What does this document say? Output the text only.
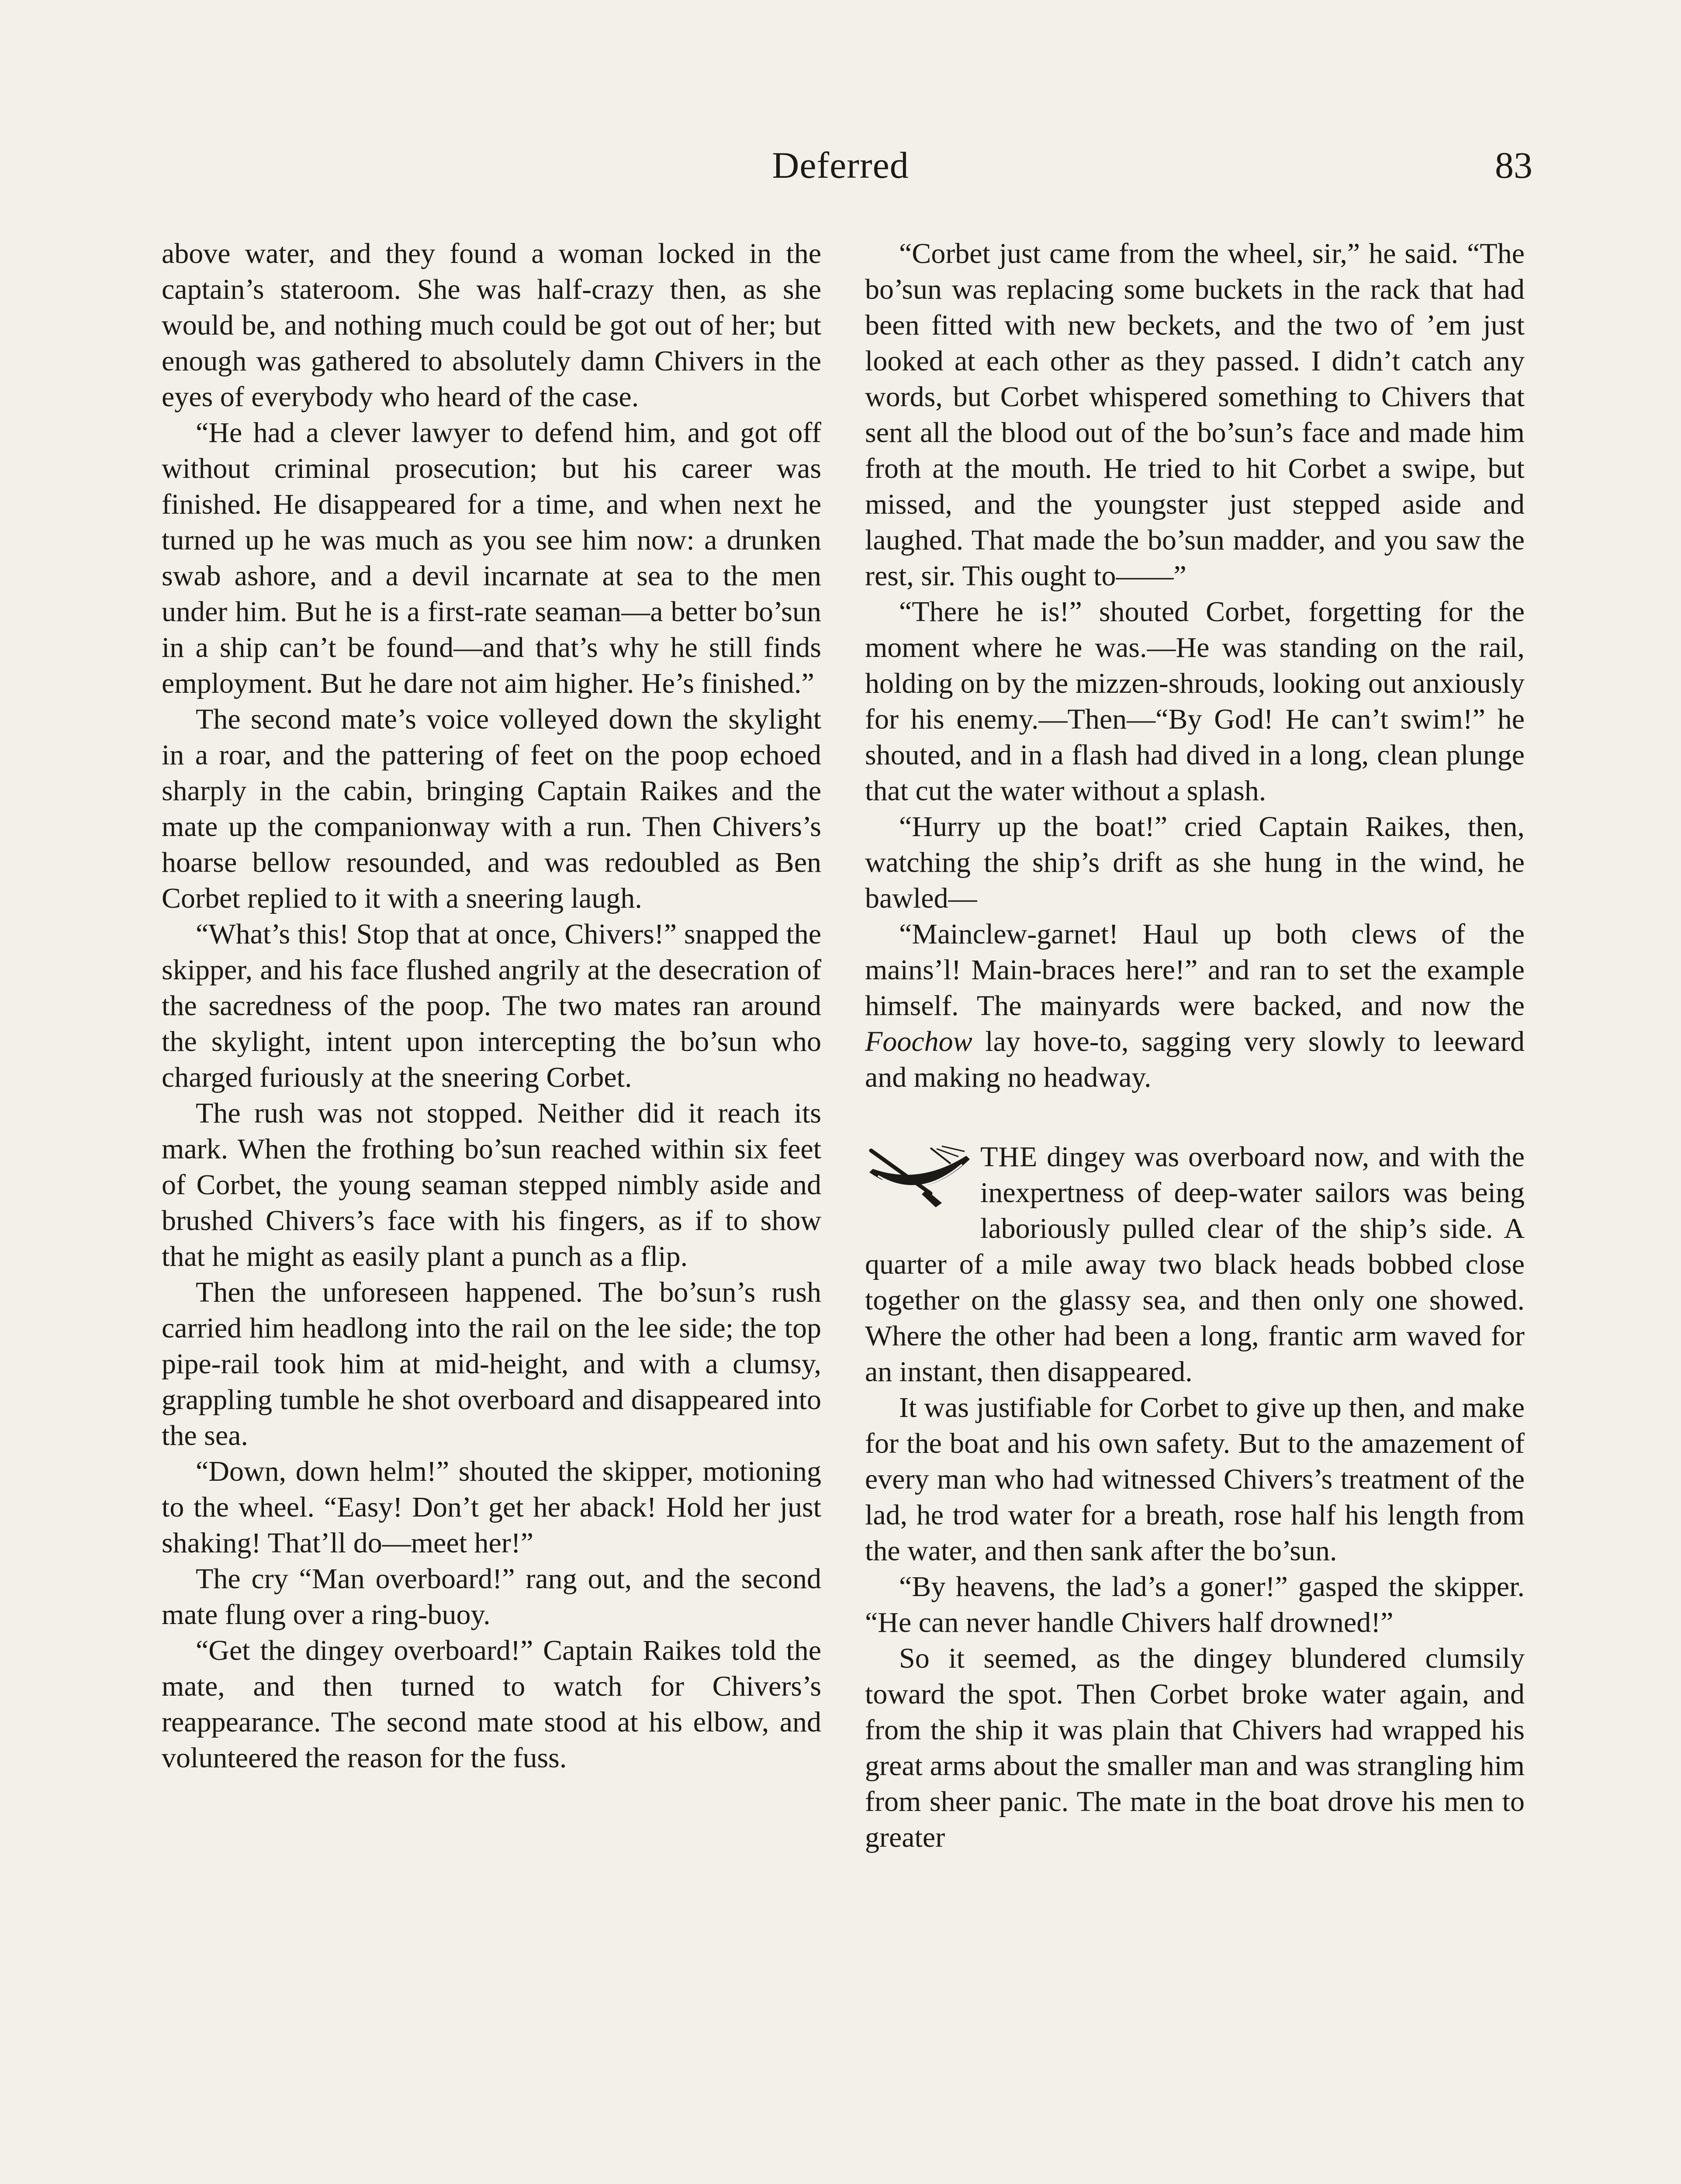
Deferred	83

above water, and they found a woman locked in the captain’s stateroom. She was half-crazy then, as she would be, and nothing much could be got out of her; but enough was gathered to absolutely damn Chivers in the eyes of everybody who heard of the case.

“He had a clever lawyer to defend him, and got off without criminal prosecution; but his career was finished. He disappeared for a time, and when next he turned up he was much as you see him now: a drunken swab ashore, and a devil incarnate at sea to the men under him. But he is a first-rate seaman—a better bo’sun in a ship can’t be found—and that’s why he still finds employment. But he dare not aim higher. He’s finished.”

The second mate’s voice volleyed down the skylight in a roar, and the pattering of feet on the poop echoed sharply in the cabin, bringing Captain Raikes and the mate up the companionway with a run. Then Chivers’s hoarse bellow resounded, and was redoubled as Ben Corbet replied to it with a sneering laugh.

“What’s this! Stop that at once, Chivers!” snapped the skipper, and his face flushed angrily at the desecration of the sacredness of the poop. The two mates ran around the skylight, intent upon intercepting the bo’sun who charged furiously at the sneering Corbet.

The rush was not stopped. Neither did it reach its mark. When the frothing bo’sun reached within six feet of Corbet, the young seaman stepped nimbly aside and brushed Chivers’s face with his fingers, as if to show that he might as easily plant a punch as a flip.

Then the unforeseen happened. The bo’sun’s rush carried him headlong into the rail on the lee side; the top pipe-rail took him at mid-height, and with a clumsy, grappling tumble he shot overboard and disappeared into the sea.

“Down, down helm!” shouted the skipper, motioning to the wheel. “Easy! Don’t get her aback! Hold her just shaking! That’ll do—meet her!”

The cry “Man overboard!” rang out, and the second mate flung over a ring-buoy.

“Get the dingey overboard!” Captain Raikes told the mate, and then turned to watch for Chivers’s reappearance. The second mate stood at his elbow, and volunteered the reason for the fuss.

“Corbet just came from the wheel, sir,” he said. “The bo’sun was replacing some buckets in the rack that had been fitted with new beckets, and the two of ’em just looked at each other as they passed. I didn’t catch any words, but Corbet whispered something to Chivers that sent all the blood out of the bo’sun’s face and made him froth at the mouth. He tried to hit Corbet a swipe, but missed, and the youngster just stepped aside and laughed. That made the bo’sun madder, and you saw the rest, sir. This ought to——”

“There he is!” shouted Corbet, forgetting for the moment where he was.—He was standing on the rail, holding on by the mizzen-shrouds, looking out anxiously for his enemy.—Then—“By God! He can’t swim!” he shouted, and in a flash had dived in a long, clean plunge that cut the water without a splash.

“Hurry up the boat!” cried Captain Raikes, then, watching the ship’s drift as she hung in the wind, he bawled—

“Mainclew-garnet! Haul up both clews of the mains’l! Main-braces here!” and ran to set the example himself. The mainyards were backed, and now the Foochow lay hove-to, sagging very slowly to leeward and making no headway.

THE dingey was overboard now, and with the inexpertness of deep-water sailors was being laboriously pulled clear of the ship’s side. A quarter of a mile away two black heads bobbed close together on the glassy sea, and then only one showed. Where the other had been a long, frantic arm waved for an instant, then disappeared.

It was justifiable for Corbet to give up then, and make for the boat and his own safety. But to the amazement of every man who had witnessed Chivers’s treatment of the lad, he trod water for a breath, rose half his length from the water, and then sank after the bo’sun.

“By heavens, the lad’s a goner!” gasped the skipper. “He can never handle Chivers half drowned!”

So it seemed, as the dingey blundered clumsily toward the spot. Then Corbet broke water again, and from the ship it was plain that Chivers had wrapped his great arms about the smaller man and was strangling him from sheer panic. The mate in the boat drove his men to greater
